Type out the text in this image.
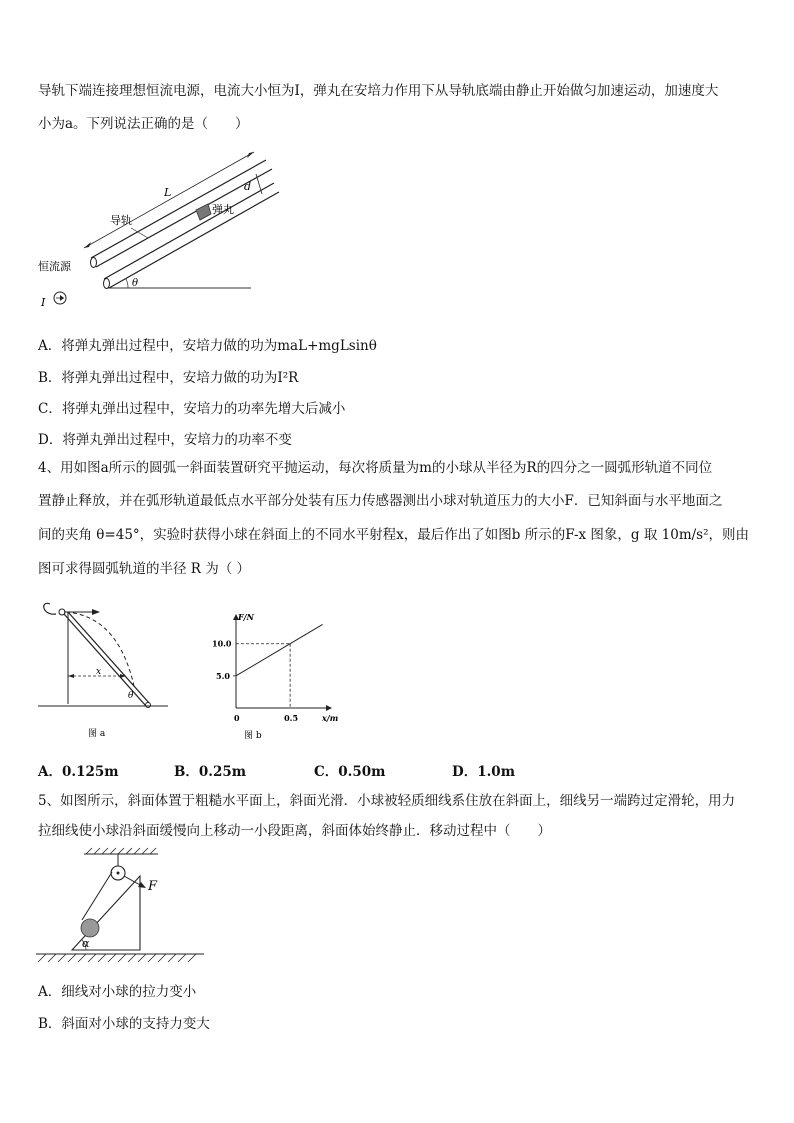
导轨下端连接理想恒流电源，电流大小恒为I，弹丸在安培力作用下从导轨底端由静止开始做匀加速运动，加速度大
小为a。下列说法正确的是（　　）
L	d
弹丸
导轨
恒流源
I
θ
A．将弹丸弹出过程中，安培力做的功为maL+mgLsinθ
B．将弹丸弹出过程中，安培力做的功为I²R
C．将弹丸弹出过程中，安培力的功率先增大后减小
D．将弹丸弹出过程中，安培力的功率不变
4、用如图a所示的圆弧一斜面装置研究平抛运动，每次将质量为m的小球从半径为R的四分之一圆弧形轨道不同位
置静止释放，并在弧形轨道最低点水平部分处装有压力传感器测出小球对轨道压力的大小F．已知斜面与水平地面之
间的夹角 θ=45°，实验时获得小球在斜面上的不同水平射程x，最后作出了如图b 所示的F-x 图象，g 取 10m/s²，则由
图可求得圆弧轨道的半径 R 为（ ）
x
θ
图 a
F/N
x/m
0
10.0
5.0
0.5
图 b
A．0.125m	B．0.25m	C．0.50m	D．1.0m
5、如图所示，斜面体置于粗糙水平面上，斜面光滑．小球被轻质细线系住放在斜面上，细线另一端跨过定滑轮，用力
拉细线使小球沿斜面缓慢向上移动一小段距离，斜面体始终静止．移动过程中（　　）
F
α
A．细线对小球的拉力变小
B．斜面对小球的支持力变大
